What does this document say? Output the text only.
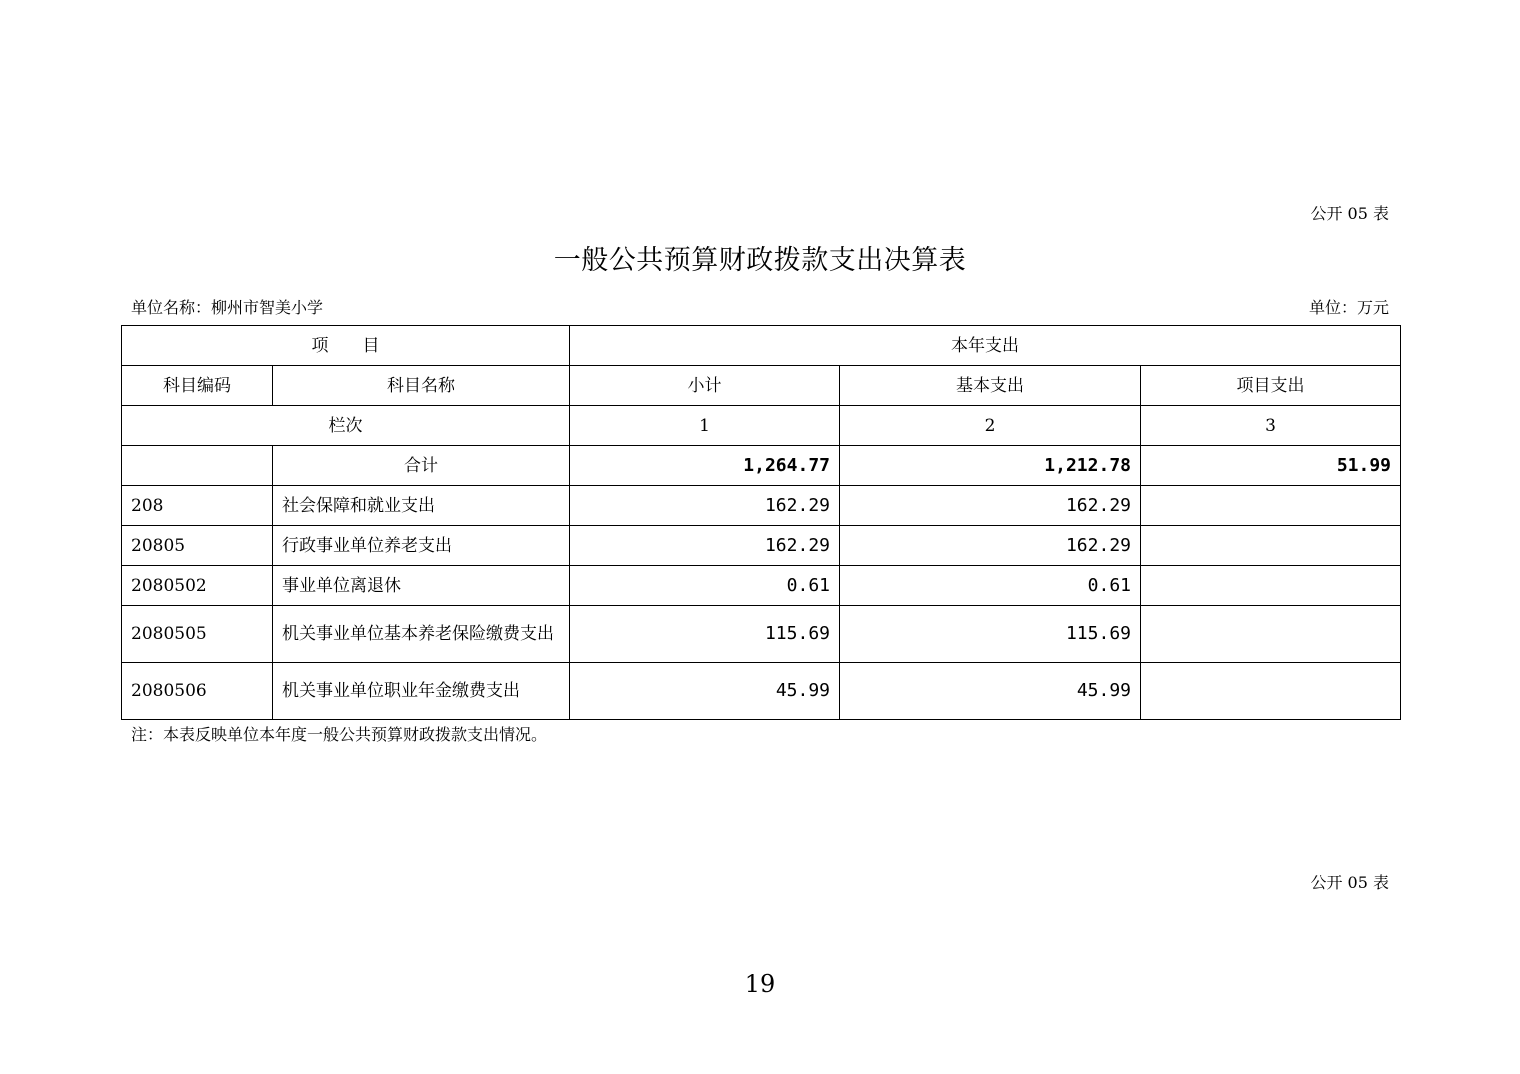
公开 05 表
一般公共预算财政拨款支出决算表
单位名称：柳州市智美小学	单位：万元
项　　目		本年支出		
科目编码	科目名称	小计	基本支出	项目支出
栏次		1	2	3
	合计	1,264.77	1,212.78	51.99
208	社会保障和就业支出	162.29	162.29	
20805	行政事业单位养老支出	162.29	162.29	
2080502	事业单位离退休	0.61	0.61	
2080505	机关事业单位基本养老保险缴费支出	115.69	115.69	
2080506	机关事业单位职业年金缴费支出	45.99	45.99	
注：本表反映单位本年度一般公共预算财政拨款支出情况。
公开 05 表
19
